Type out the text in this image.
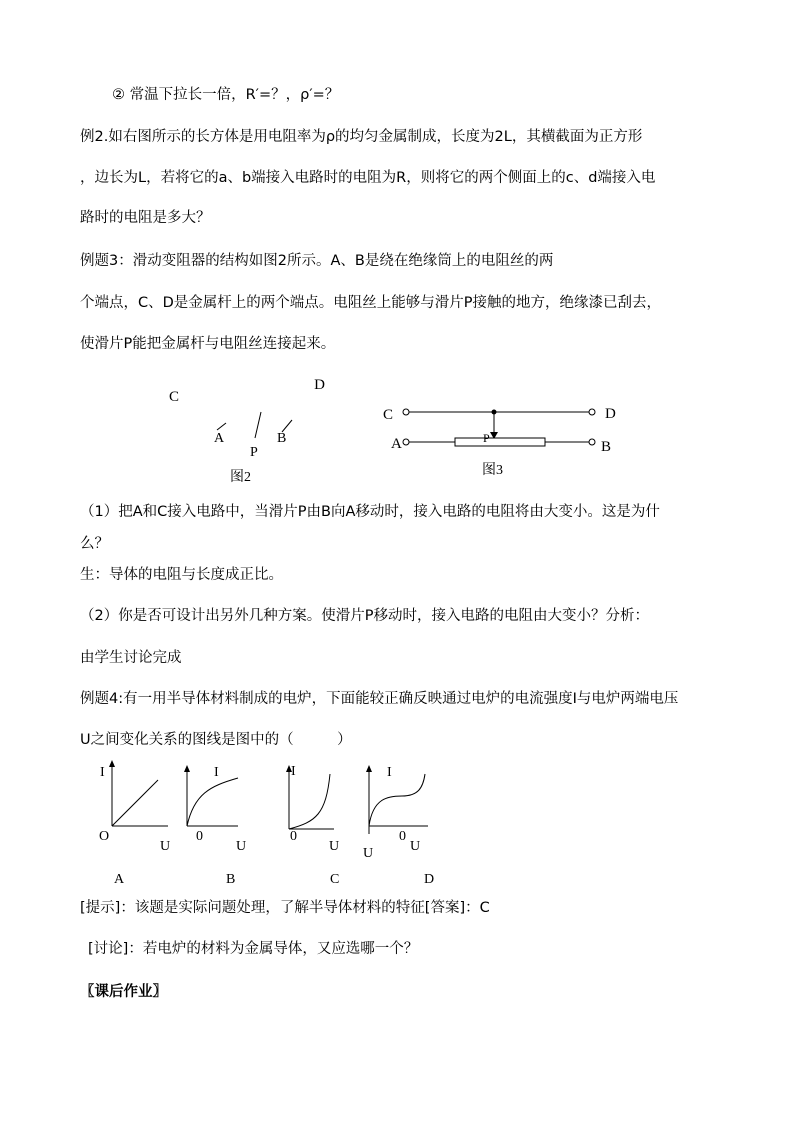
② 常温下拉长一倍，R′=？，ρ′=？
例2.如右图所示的长方体是用电阻率为ρ的均匀金属制成，长度为2L，其横截面为正方形
，边长为L，若将它的a、b端接入电路时的电阻为R，则将它的两个侧面上的c、d端接入电
路时的电阻是多大？
例题3：滑动变阻器的结构如图2所示。A、B是绕在绝缘筒上的电阻丝的两
个端点，C、D是金属杆上的两个端点。电阻丝上能够与滑片P接触的地方，绝缘漆已刮去，
使滑片P能把金属杆与电阻丝连接起来。
C
D
A
P
B
图2
C	D
A	P
B
图3
（1）把A和C接入电路中，当滑片P由B向A移动时，接入电路的电阻将由大变小。这是为什
么？
生：导体的电阻与长度成正比。
（2）你是否可设计出另外几种方案。使滑片P移动时，接入电路的电阻由大变小？分析：
由学生讨论完成
例题4:有一用半导体材料制成的电炉，下面能较正确反映通过电炉的电流强度I与电炉两端电压
U之间变化关系的图线是图中的（　　　）
I
O
U
A
I
0
U
B
I
0
U
C
I
0
U	U
D
[提示]：该题是实际问题处理，了解半导体材料的特征[答案]：C
[讨论]：若电炉的材料为金属导体，又应选哪一个？
〖课后作业〗
